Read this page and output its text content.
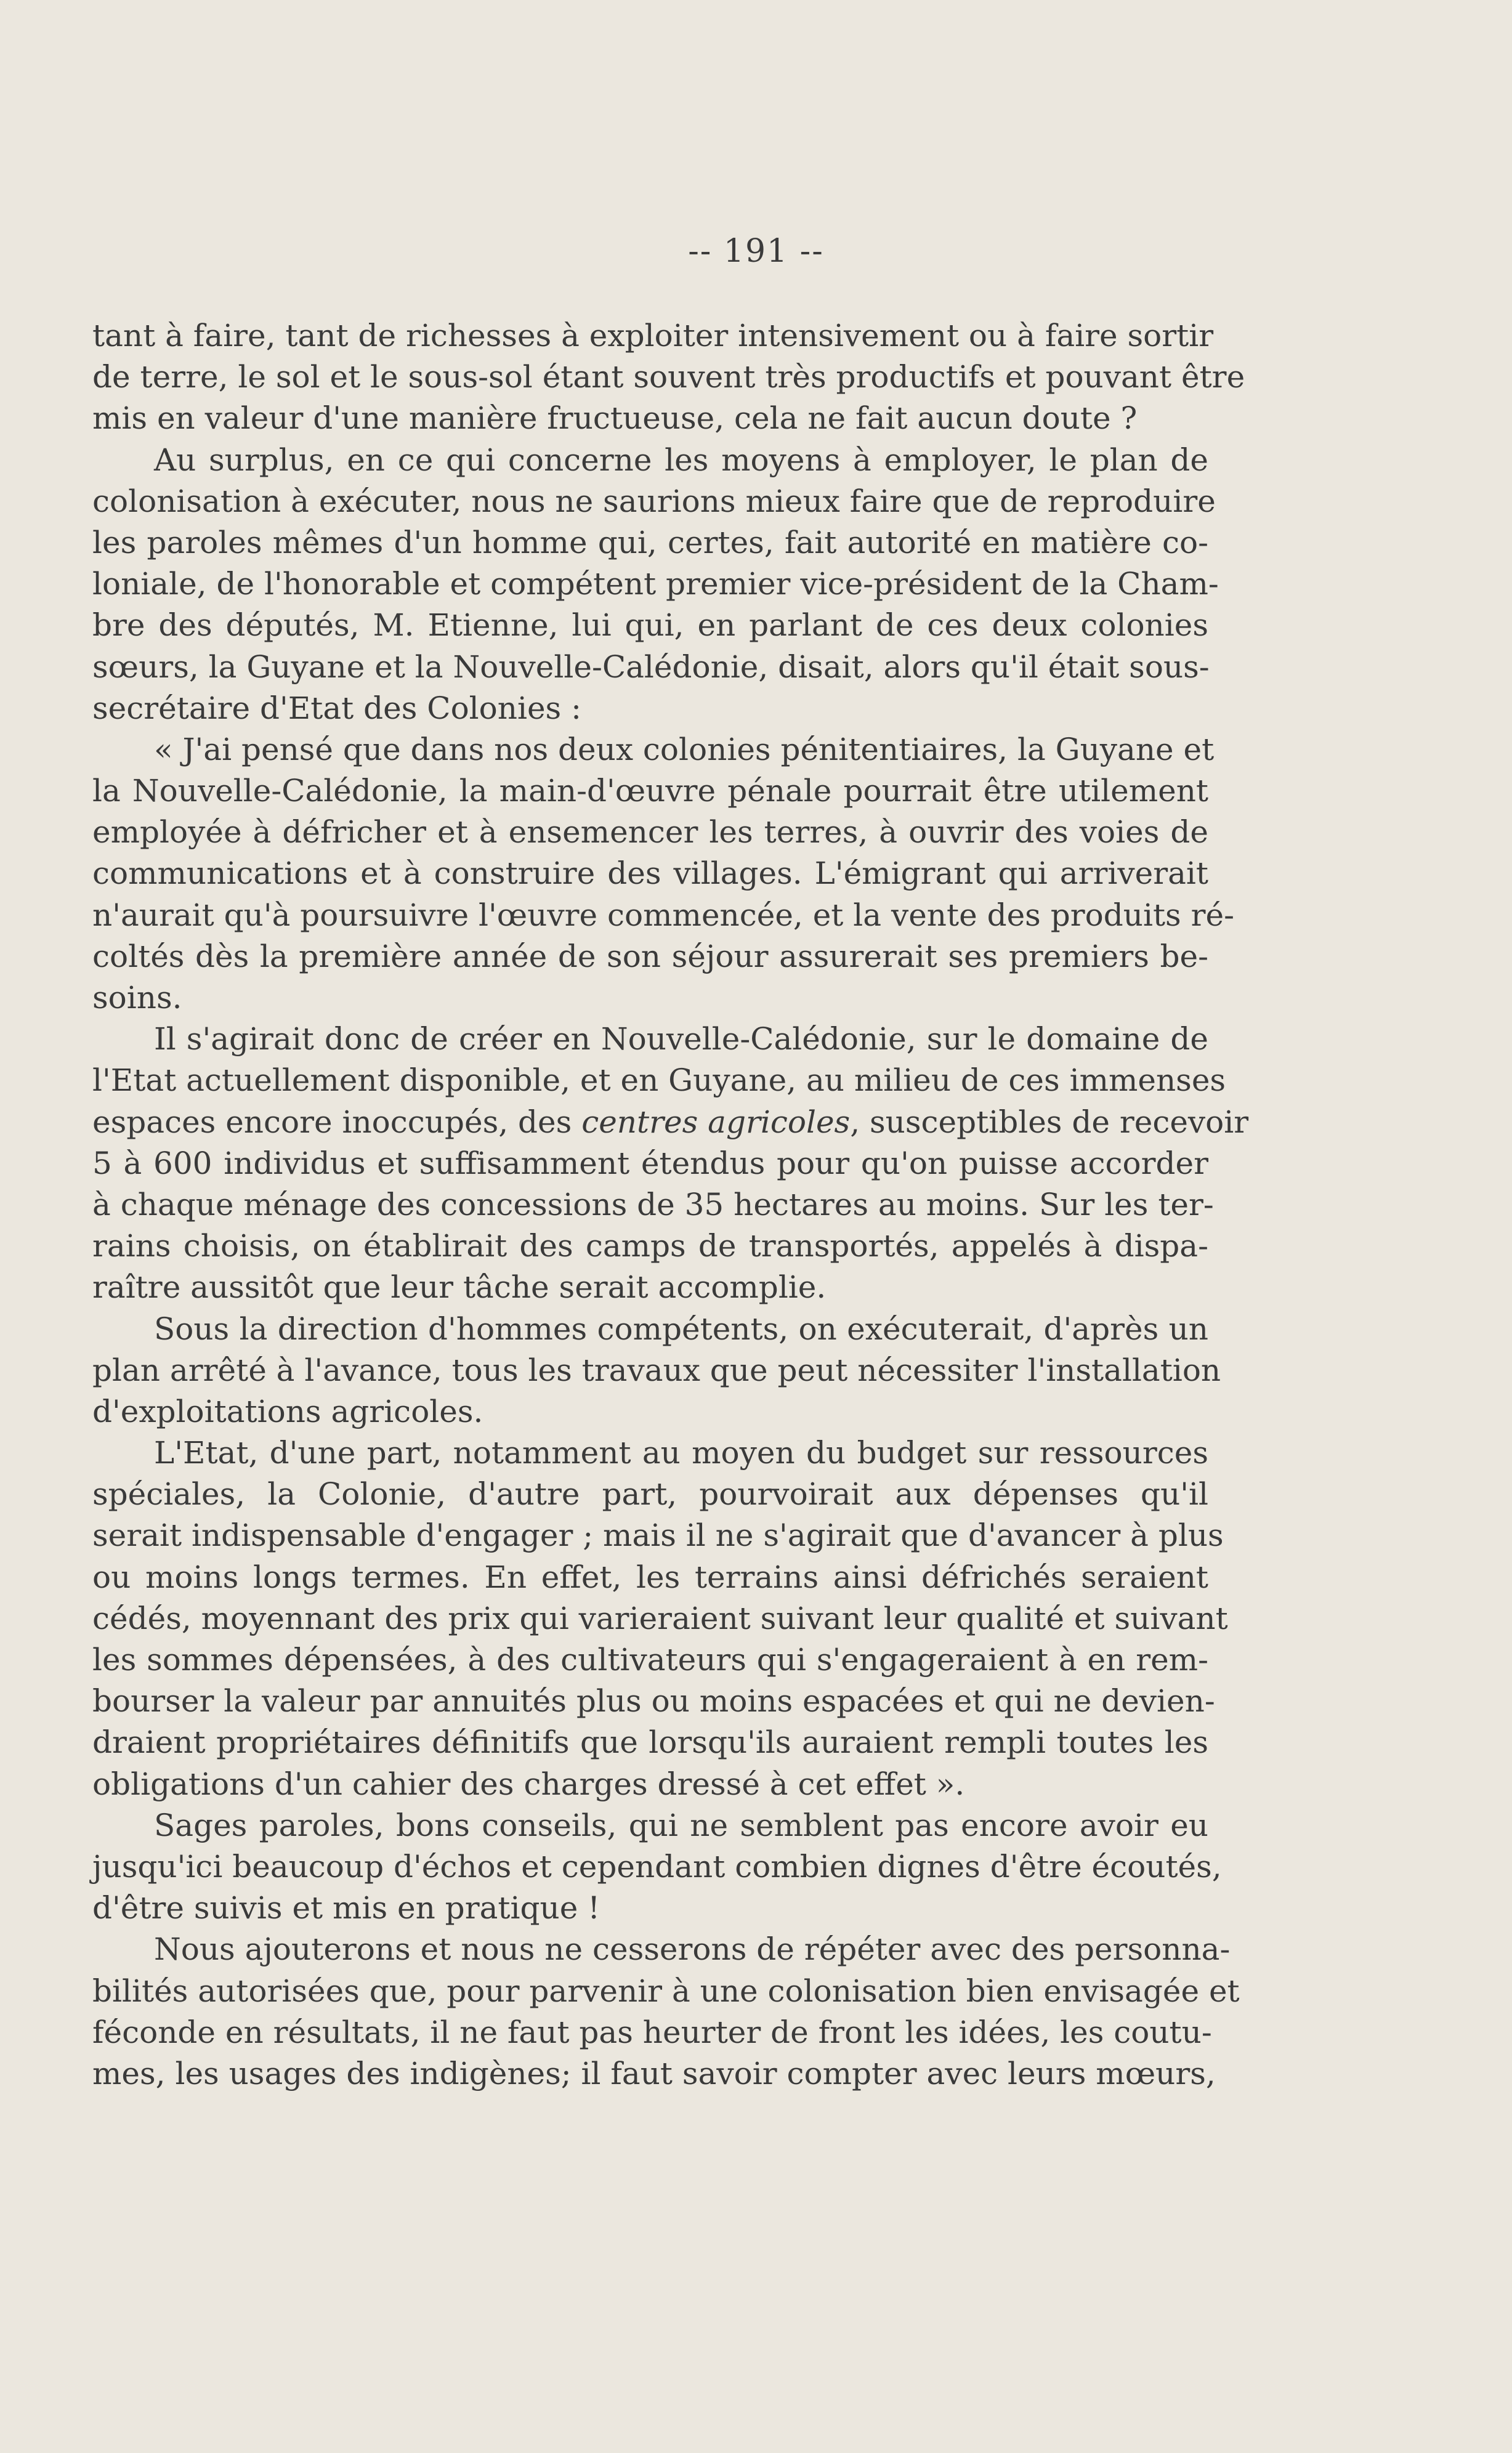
-- 191 --
tant à faire, tant de richesses à exploiter intensivement ou à faire sortir
de terre, le sol et le sous-sol étant souvent très productifs et pouvant être
mis en valeur d'une manière fructueuse, cela ne fait aucun doute ?
Au surplus, en ce qui concerne les moyens à employer, le plan de
colonisation à exécuter, nous ne saurions mieux faire que de reproduire
les paroles mêmes d'un homme qui, certes, fait autorité en matière co-
loniale, de l'honorable et compétent premier vice-président de la Cham-
bre des députés, M. Etienne, lui qui, en parlant de ces deux colonies
sœurs, la Guyane et la Nouvelle-Calédonie, disait, alors qu'il était sous-
secrétaire d'Etat des Colonies :
« J'ai pensé que dans nos deux colonies pénitentiaires, la Guyane et
la Nouvelle-Calédonie, la main-d'œuvre pénale pourrait être utilement
employée à défricher et à ensemencer les terres, à ouvrir des voies de
communications et à construire des villages. L'émigrant qui arriverait
n'aurait qu'à poursuivre l'œuvre commencée, et la vente des produits ré-
coltés dès la première année de son séjour assurerait ses premiers be-
soins.
Il s'agirait donc de créer en Nouvelle-Calédonie, sur le domaine de
l'Etat actuellement disponible, et en Guyane, au milieu de ces immenses
espaces encore inoccupés, des centres agricoles, susceptibles de recevoir
5 à 600 individus et suffisamment étendus pour qu'on puisse accorder
à chaque ménage des concessions de 35 hectares au moins. Sur les ter-
rains choisis, on établirait des camps de transportés, appelés à dispa-
raître aussitôt que leur tâche serait accomplie.
Sous la direction d'hommes compétents, on exécuterait, d'après un
plan arrêté à l'avance, tous les travaux que peut nécessiter l'installation
d'exploitations agricoles.
L'Etat, d'une part, notamment au moyen du budget sur ressources
spéciales, la Colonie, d'autre part, pourvoirait aux dépenses qu'il
serait indispensable d'engager ; mais il ne s'agirait que d'avancer à plus
ou moins longs termes. En effet, les terrains ainsi défrichés seraient
cédés, moyennant des prix qui varieraient suivant leur qualité et suivant
les sommes dépensées, à des cultivateurs qui s'engageraient à en rem-
bourser la valeur par annuités plus ou moins espacées et qui ne devien-
draient propriétaires définitifs que lorsqu'ils auraient rempli toutes les
obligations d'un cahier des charges dressé à cet effet ».
Sages paroles, bons conseils, qui ne semblent pas encore avoir eu
jusqu'ici beaucoup d'échos et cependant combien dignes d'être écoutés,
d'être suivis et mis en pratique !
Nous ajouterons et nous ne cesserons de répéter avec des personna-
bilités autorisées que, pour parvenir à une colonisation bien envisagée et
féconde en résultats, il ne faut pas heurter de front les idées, les coutu-
mes, les usages des indigènes; il faut savoir compter avec leurs mœurs,
